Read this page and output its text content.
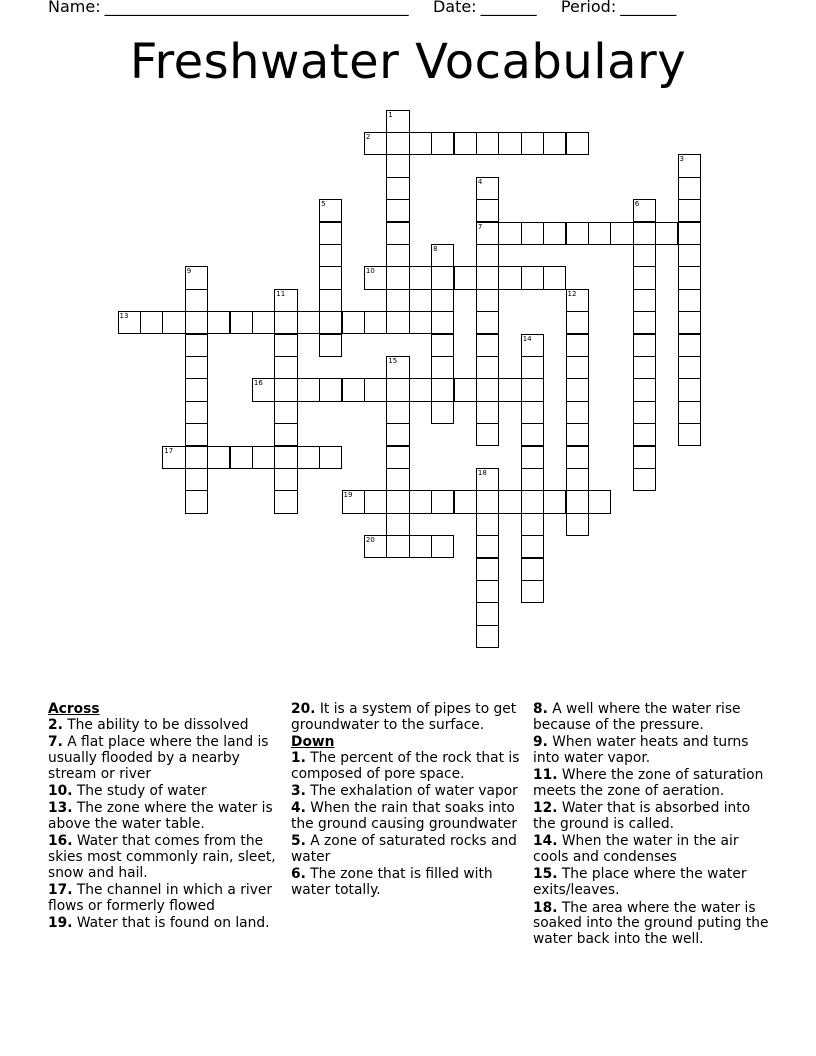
Name: ______________________________________ Date: _______ Period: _______
Freshwater Vocabulary
1
2
3
4
7
5	6
8
9	10
11	12
13
14
15
16
17
18
19
20
Across
2. The ability to be dissolved
7. A flat place where the land is usually flooded by a nearby stream or river
10. The study of water
13. The zone where the water is above the water table.
16. Water that comes from the skies most commonly rain, sleet, snow and hail.
17. The channel in which a river flows or formerly flowed
19. Water that is found on land.
20. It is a system of pipes to get groundwater to the surface.
Down
1. The percent of the rock that is composed of pore space.
3. The exhalation of water vapor
4. When the rain that soaks into the ground causing groundwater
5. A zone of saturated rocks and water
6. The zone that is filled with water totally.
8. A well where the water rise because of the pressure.
9. When water heats and turns into water vapor.
11. Where the zone of saturation meets the zone of aeration.
12. Water that is absorbed into the ground is called.
14. When the water in the air cools and condenses
15. The place where the water exits/leaves.
18. The area where the water is soaked into the ground puting the water back into the well.
